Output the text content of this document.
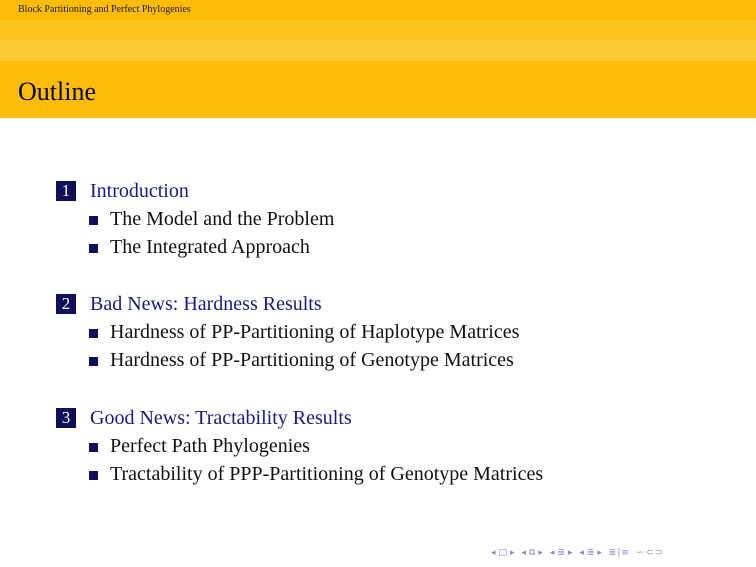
Block Partitioning and Perfect Phylogenies
Outline
1 Introduction
The Model and the Problem
The Integrated Approach
2 Bad News: Hardness Results
Hardness of PP-Partitioning of Haplotype Matrices
Hardness of PP-Partitioning of Genotype Matrices
3 Good News: Tractability Results
Perfect Path Phylogenies
Tractability of PPP-Partitioning of Genotype Matrices
◂ □ ▸ ◂ ⧉ ▸ ◂ ≣ ▸ ◂ ≣ ▸ ≣|≡ ∽ ⊂⊃
